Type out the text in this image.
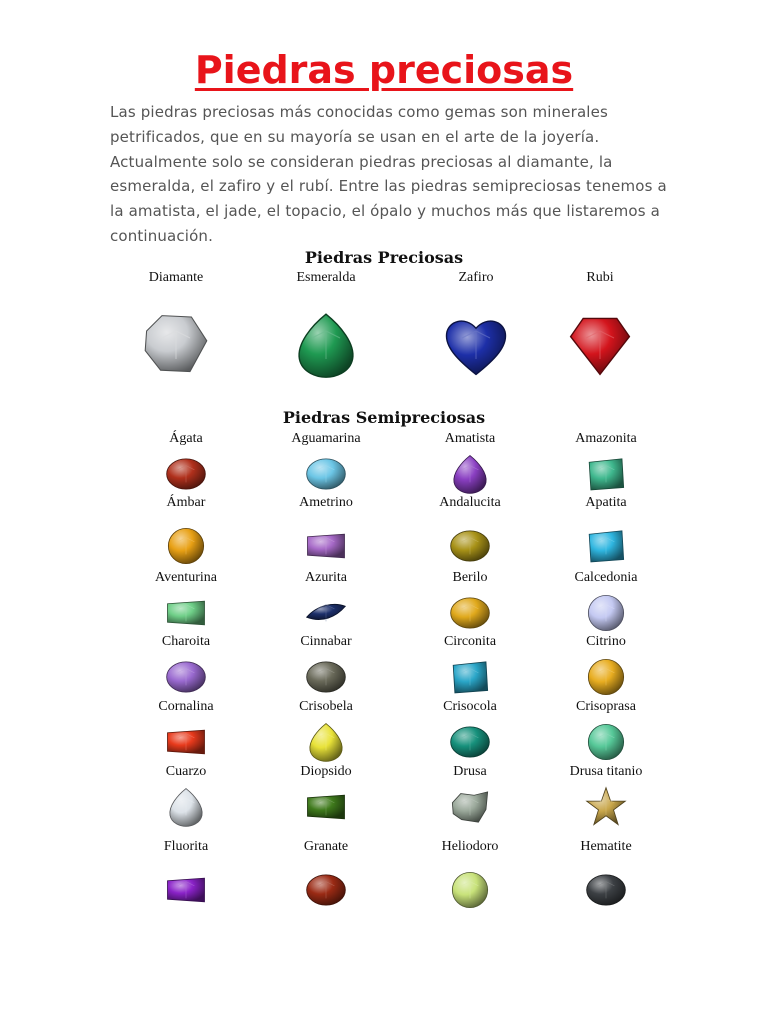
Piedras preciosas

Las piedras preciosas más conocidas como gemas son minerales petrificados, que en su mayoría se usan en el arte de la joyería. Actualmente solo se consideran piedras preciosas al diamante, la esmeralda, el zafiro y el rubí. Entre las piedras semipreciosas tenemos a la amatista, el jade, el topacio, el ópalo y muchos más que listaremos a continuación.

Piedras Preciosas
Diamante	Esmeralda	Zafiro	Rubi
Piedras Semipreciosas
Ágata	Aguamarina	Amatista	Amazonita
Ámbar	Ametrino	Andalucita	Apatita
Aventurina	Azurita	Berilo	Calcedonia
Charoita	Cinnabar	Circonita	Citrino
Cornalina	Crisobela	Crisocola	Crisoprasa
Cuarzo	Diopsido	Drusa	Drusa titanio
Fluorita	Granate	Heliodoro	Hematite
